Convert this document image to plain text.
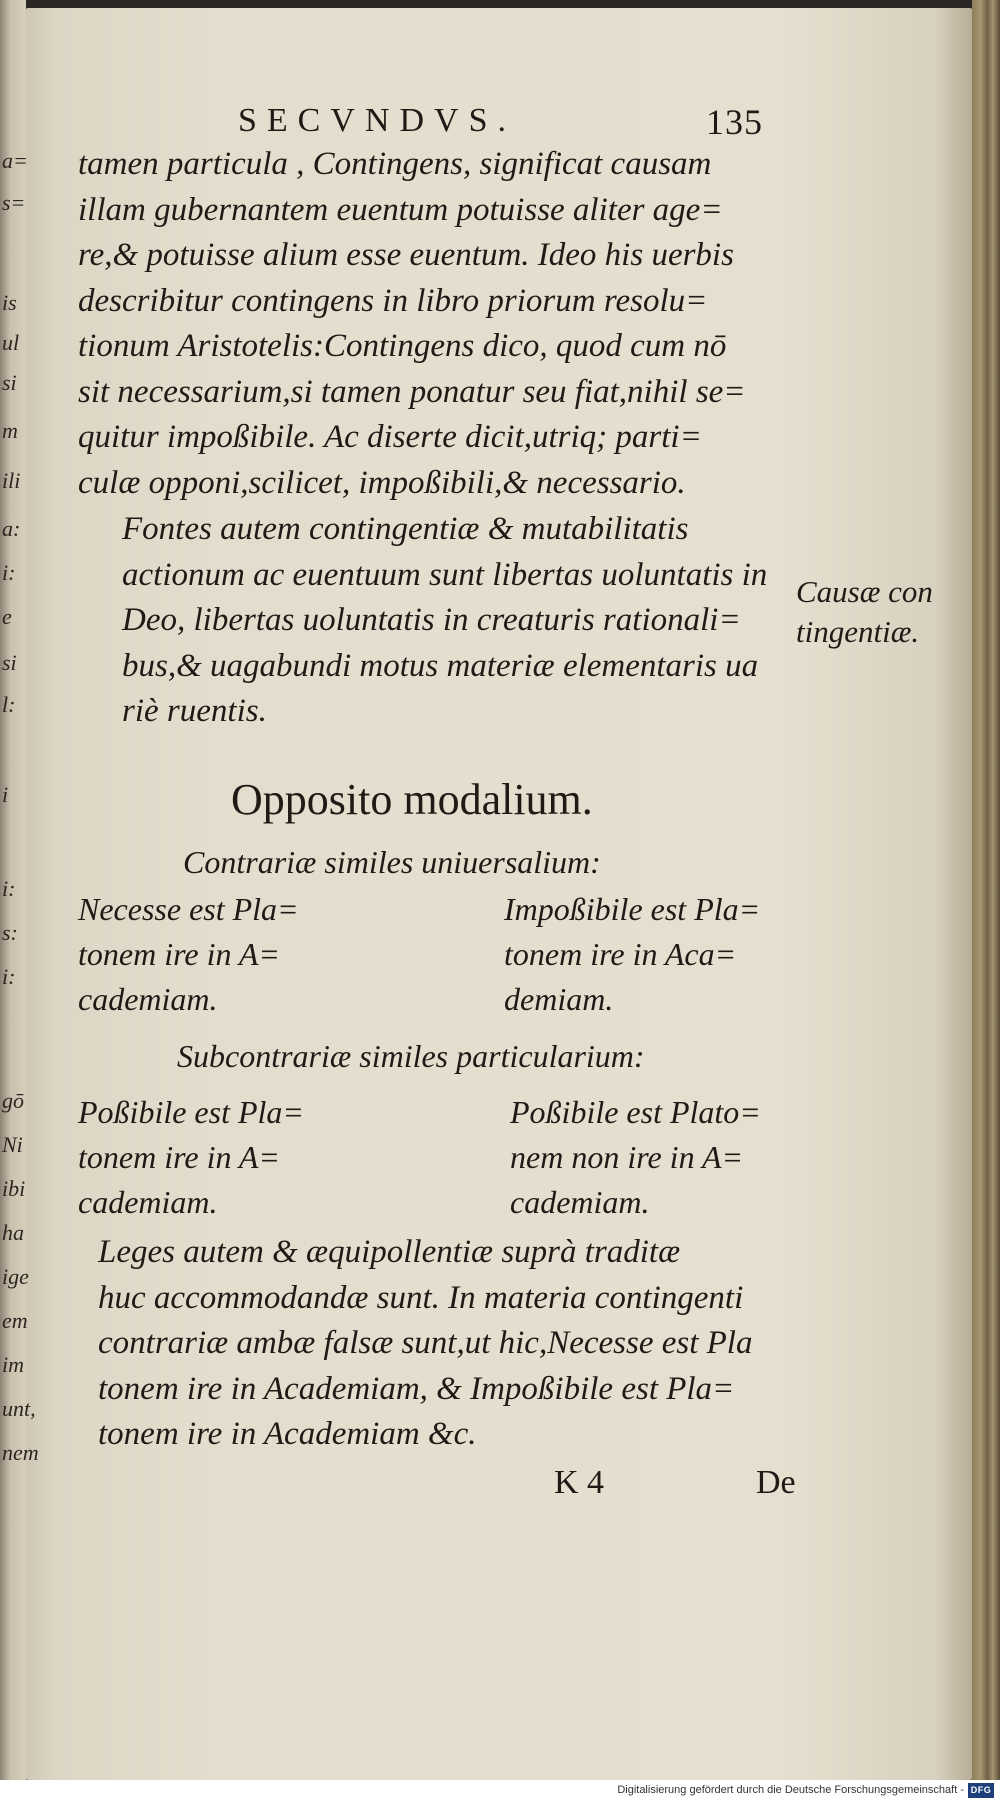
SECVNDVS.	135
tamen particula , Contingens, significat causam
illam gubernantem euentum potuisse aliter age=
re,& potuisse alium esse euentum. Ideo his uerbis
describitur contingens in libro priorum resolu=
tionum Aristotelis:Contingens dico, quod cum nō
sit necessarium,si tamen ponatur seu fiat,nihil se=
quitur impoßibile. Ac diserte dicit,utriq; parti=
culæ opponi,scilicet, impoßibili,& necessario.
Fontes autem contingentiæ & mutabilitatis
actionum ac euentuum sunt libertas uoluntatis in
Deo, libertas uoluntatis in creaturis rationali=
bus,& uagabundi motus materiæ elementaris ua
riè ruentis.
Causæ con
tingentiæ.
Opposito modalium.
Contrariæ similes uniuersalium:
Necesse est Pla=
tonem ire in A=
cademiam.
Impoßibile est Pla=
tonem ire in Aca=
demiam.
Subcontrariæ similes particularium:
Poßibile est Pla=
tonem ire in A=
cademiam.
Poßibile est Plato=
nem non ire in A=
cademiam.
Leges autem & æquipollentiæ suprà traditæ
huc accommodandæ sunt. In materia contingenti
contrariæ ambæ falsæ sunt,ut hic,Necesse est Pla
tonem ire in Academiam, & Impoßibile est Pla=
tonem ire in Academiam &c.
K 4	De
a=
s=
is
ul
si
m
ili
a:
i:
e
si
l:
i
i:
s:
i:
gō
Ni
ibi
ha
ige
em
im
unt,
nem
Digitalisierung gefördert durch die Deutsche Forschungsgemeinschaft - DFG
